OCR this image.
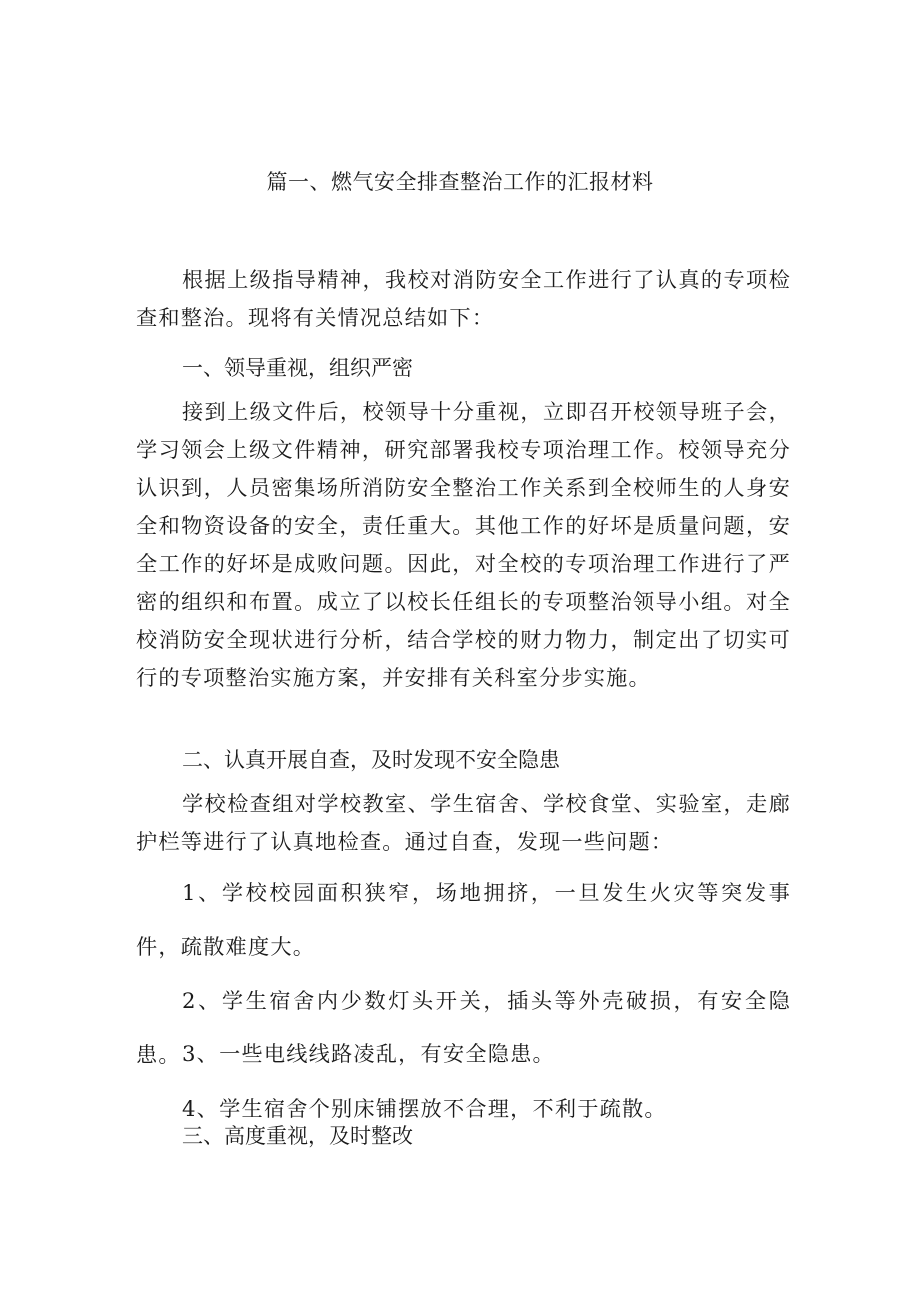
篇一、燃气安全排查整治工作的汇报材料
根据上级指导精神，我校对消防安全工作进行了认真的专项检查和整治。现将有关情况总结如下：
一、领导重视，组织严密
接到上级文件后，校领导十分重视，立即召开校领导班子会，学习领会上级文件精神，研究部署我校专项治理工作。校领导充分认识到，人员密集场所消防安全整治工作关系到全校师生的人身安全和物资设备的安全，责任重大。其他工作的好坏是质量问题，安全工作的好坏是成败问题。因此，对全校的专项治理工作进行了严密的组织和布置。成立了以校长任组长的专项整治领导小组。对全校消防安全现状进行分析，结合学校的财力物力，制定出了切实可行的专项整治实施方案，并安排有关科室分步实施。
二、认真开展自查，及时发现不安全隐患
学校检查组对学校教室、学生宿舍、学校食堂、实验室，走廊护栏等进行了认真地检查。通过自查，发现一些问题：
1、学校校园面积狭窄，场地拥挤，一旦发生火灾等突发事件，疏散难度大。
2、学生宿舍内少数灯头开关，插头等外壳破损，有安全隐患。 3、一些电线线路凌乱，有安全隐患。
4、学生宿舍个别床铺摆放不合理，不利于疏散。
三、高度重视，及时整改
